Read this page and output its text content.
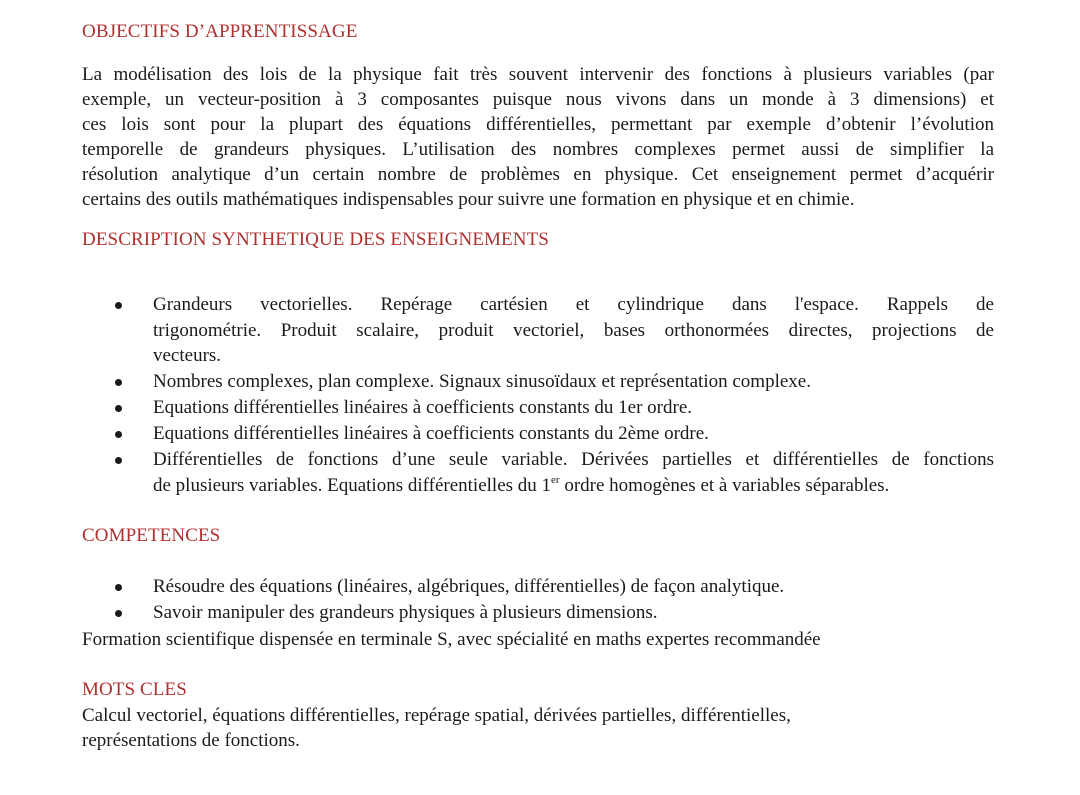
OBJECTIFS D’APPRENTISSAGE
La modélisation des lois de la physique fait très souvent intervenir des fonctions à plusieurs variables (par
exemple, un vecteur-position à 3 composantes puisque nous vivons dans un monde à 3 dimensions) et
ces lois sont pour la plupart des équations différentielles, permettant par exemple d’obtenir l’évolution
temporelle de grandeurs physiques. L’utilisation des nombres complexes permet aussi de simplifier la
résolution analytique d’un certain nombre de problèmes en physique. Cet enseignement permet d’acquérir
certains des outils mathématiques indispensables pour suivre une formation en physique et en chimie.
DESCRIPTION SYNTHETIQUE DES ENSEIGNEMENTS
Grandeurs vectorielles. Repérage cartésien et cylindrique dans l'espace. Rappels de
trigonométrie. Produit scalaire, produit vectoriel, bases orthonormées directes, projections de
vecteurs.
Nombres complexes, plan complexe. Signaux sinusoïdaux et représentation complexe.
Equations différentielles linéaires à coefficients constants du 1er ordre.
Equations différentielles linéaires à coefficients constants du 2ème ordre.
Différentielles de fonctions d’une seule variable. Dérivées partielles et différentielles de fonctions
de plusieurs variables. Equations différentielles du 1er ordre homogènes et à variables séparables.
COMPETENCES
Résoudre des équations (linéaires, algébriques, différentielles) de façon analytique.
Savoir manipuler des grandeurs physiques à plusieurs dimensions.
Formation scientifique dispensée en terminale S, avec spécialité en maths expertes recommandée
MOTS CLES
Calcul vectoriel, équations différentielles, repérage spatial, dérivées partielles, différentielles,
représentations de fonctions.
